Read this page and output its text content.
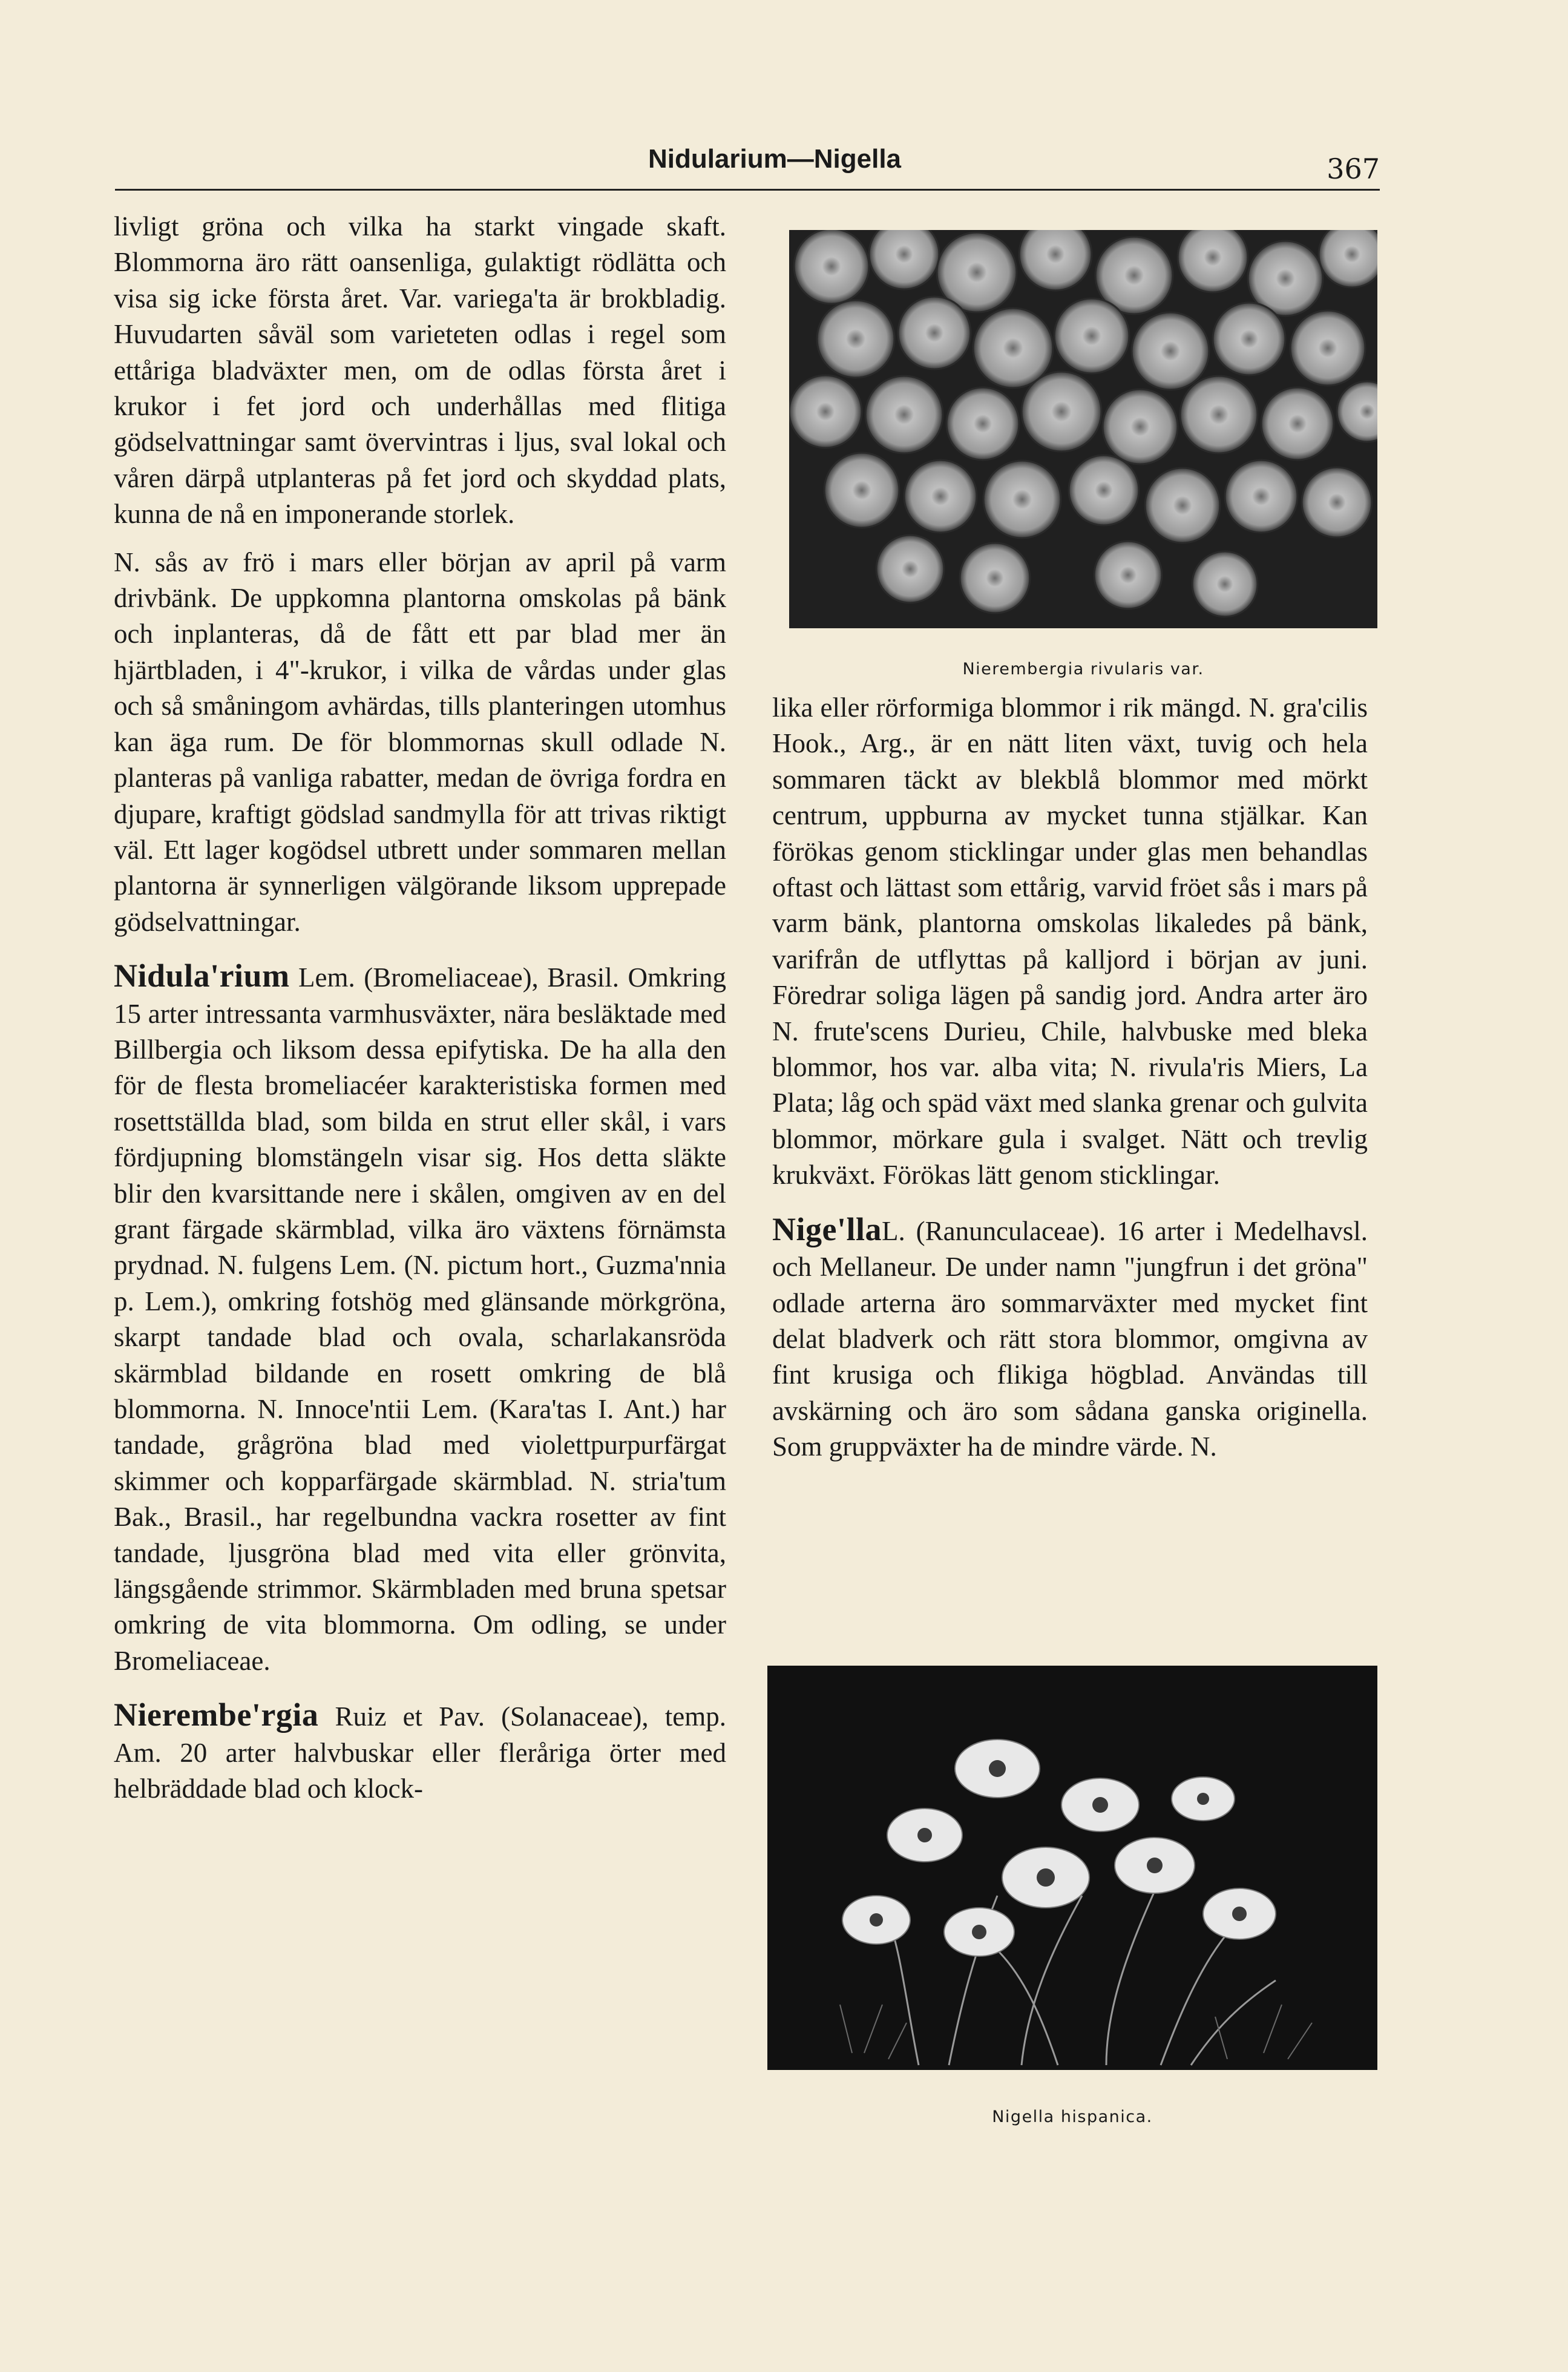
Nidularium—Nigella	367

livligt gröna och vilka ha starkt vingade skaft. Blommorna äro rätt oansenliga, gulaktigt rödlätta och visa sig icke första året. Var. variega'ta är brokbladig. Huvudarten såväl som varieteten odlas i regel som ettåriga bladväxter men, om de odlas första året i krukor i fet jord och underhållas med flitiga gödselvattningar samt övervintras i ljus, sval lokal och våren därpå utplanteras på fet jord och skyddad plats, kunna de nå en imponerande storlek.

N. sås av frö i mars eller början av april på varm drivbänk. De uppkomna plantorna omskolas på bänk och inplanteras, då de fått ett par blad mer än hjärtbladen, i 4"-krukor, i vilka de vårdas under glas och så småningom avhärdas, tills planteringen utomhus kan äga rum. De för blommornas skull odlade N. planteras på vanliga rabatter, medan de övriga fordra en djupare, kraftigt gödslad sandmylla för att trivas riktigt väl. Ett lager kogödsel utbrett under sommaren mellan plantorna är synnerligen välgörande liksom upprepade gödselvattningar.

Nidula'rium Lem. (Bromeliaceae), Brasil. Omkring 15 arter intressanta varmhusväxter, nära besläktade med Billbergia och liksom dessa epifytiska. De ha alla den för de flesta bromeliacéer karakteristiska formen med rosettställda blad, som bilda en strut eller skål, i vars fördjupning blomstängeln visar sig. Hos detta släkte blir den kvarsittande nere i skålen, omgiven av en del grant färgade skärmblad, vilka äro växtens förnämsta prydnad. N. fulgens Lem. (N. pictum hort., Guzma'nnia p. Lem.), omkring fotshög med glänsande mörkgröna, skarpt tandade blad och ovala, scharlakansröda skärmblad bildande en rosett omkring de blå blommorna. N. Innoce'ntii Lem. (Kara'tas I. Ant.) har tandade, grågröna blad med violettpurpurfärgat skimmer och kopparfärgade skärmblad. N. stria'tum Bak., Brasil., har regelbundna vackra rosetter av fint tandade, ljusgröna blad med vita eller grönvita, längsgående strimmor. Skärmbladen med bruna spetsar omkring de vita blommorna. Om odling, se under Bromeliaceae.
Nierembe'rgia Ruiz et Pav. (Solanaceae), temp. Am. 20 arter halvbuskar eller fleråriga örter med helbräddade blad och klock-
Nierembergia rivularis var.
lika eller rörformiga blommor i rik mängd. N. gra'cilis Hook., Arg., är en nätt liten växt, tuvig och hela sommaren täckt av blekblå blommor med mörkt centrum, uppburna av mycket tunna stjälkar. Kan förökas genom sticklingar under glas men behandlas oftast och lättast som ettårig, varvid fröet sås i mars på varm bänk, plantorna omskolas likaledes på bänk, varifrån de utflyttas på kalljord i början av juni. Föredrar soliga lägen på sandig jord. Andra arter äro N. frute'scens Durieu, Chile, halvbuske med bleka blommor, hos var. alba vita; N. rivula'ris Miers, La Plata; låg och späd växt med slanka grenar och gulvita blommor, mörkare gula i svalget. Nätt och trevlig krukväxt. Förökas lätt genom sticklingar.
Nige'llaL. (Ranunculaceae). 16 arter i Medelhavsl. och Mellaneur. De under namn "jungfrun i det gröna" odlade arterna äro sommarväxter med mycket fint delat bladverk och rätt stora blommor, omgivna av fint krusiga och flikiga högblad. Användas till avskärning och äro som sådana ganska originella. Som gruppväxter ha de mindre värde. N.
Nigella hispanica.
